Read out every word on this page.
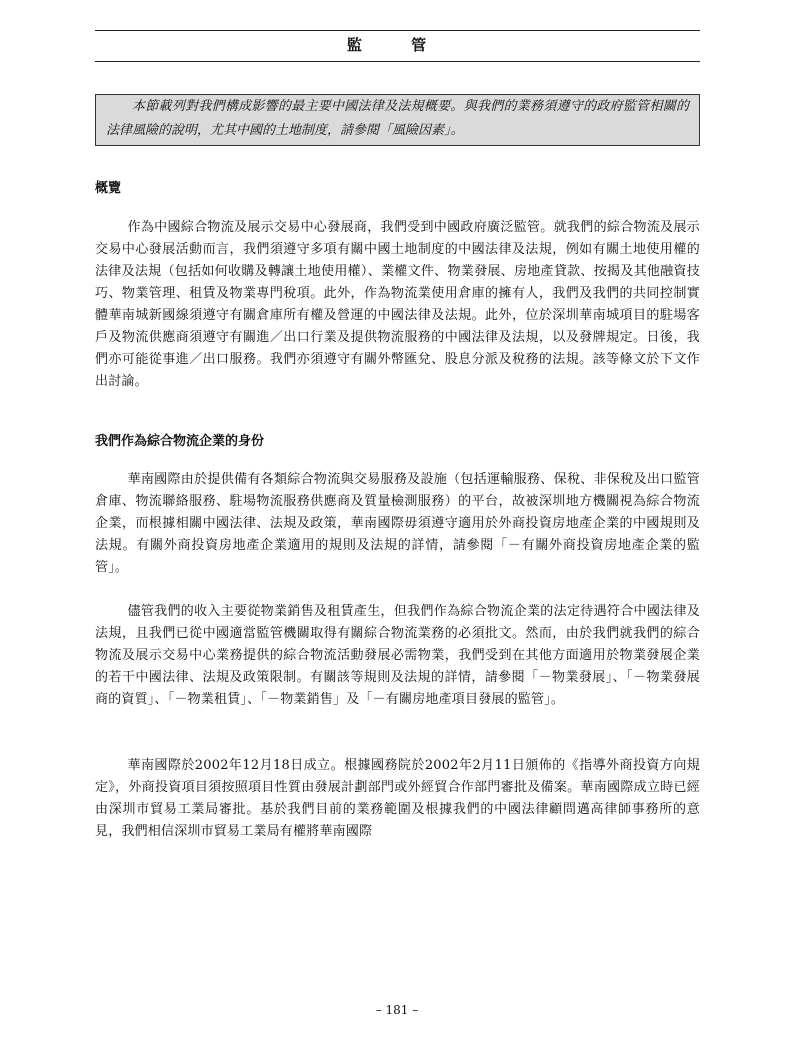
監 管

本節載列對我們構成影響的最主要中國法律及法規概要。與我們的業務須遵守的政府監管相關的法律風險的說明，尤其中國的土地制度，請參閱「風險因素」。

概覽

作為中國綜合物流及展示交易中心發展商，我們受到中國政府廣泛監管。就我們的綜合物流及展示交易中心發展活動而言，我們須遵守多項有關中國土地制度的中國法律及法規，例如有關土地使用權的法律及法規（包括如何收購及轉讓土地使用權）、業權文件、物業發展、房地產貸款、按揭及其他融資技巧、物業管理、租賃及物業專門稅項。此外，作為物流業使用倉庫的擁有人，我們及我們的共同控制實體華南城新國線須遵守有關倉庫所有權及營運的中國法律及法規。此外，位於深圳華南城項目的駐場客戶及物流供應商須遵守有關進／出口行業及提供物流服務的中國法律及法規，以及發牌規定。日後，我們亦可能從事進／出口服務。我們亦須遵守有關外幣匯兌、股息分派及稅務的法規。該等條文於下文作出討論。

我們作為綜合物流企業的身份

華南國際由於提供備有各類綜合物流與交易服務及設施（包括運輸服務、保稅、非保稅及出口監管倉庫、物流聯絡服務、駐場物流服務供應商及質量檢測服務）的平台，故被深圳地方機關視為綜合物流企業，而根據相關中國法律、法規及政策，華南國際毋須遵守適用於外商投資房地產企業的中國規則及法規。有關外商投資房地產企業適用的規則及法規的詳情，請參閱「－有關外商投資房地產企業的監管」。

儘管我們的收入主要從物業銷售及租賃產生，但我們作為綜合物流企業的法定待遇符合中國法律及法規，且我們已從中國適當監管機關取得有關綜合物流業務的必須批文。然而，由於我們就我們的綜合物流及展示交易中心業務提供的綜合物流活動發展必需物業，我們受到在其他方面適用於物業發展企業的若干中國法律、法規及政策限制。有關該等規則及法規的詳情，請參閱「－物業發展」、「－物業發展商的資質」、「－物業租賃」、「－物業銷售」及「－有關房地產項目發展的監管」。

華南國際於2002年12月18日成立。根據國務院於2002年2月11日頒佈的《指導外商投資方向規定》，外商投資項目須按照項目性質由發展計劃部門或外經貿合作部門審批及備案。華南國際成立時已經由深圳市貿易工業局審批。基於我們目前的業務範圍及根據我們的中國法律顧問邁高律師事務所的意見，我們相信深圳市貿易工業局有權將華南國際

– 181 –
